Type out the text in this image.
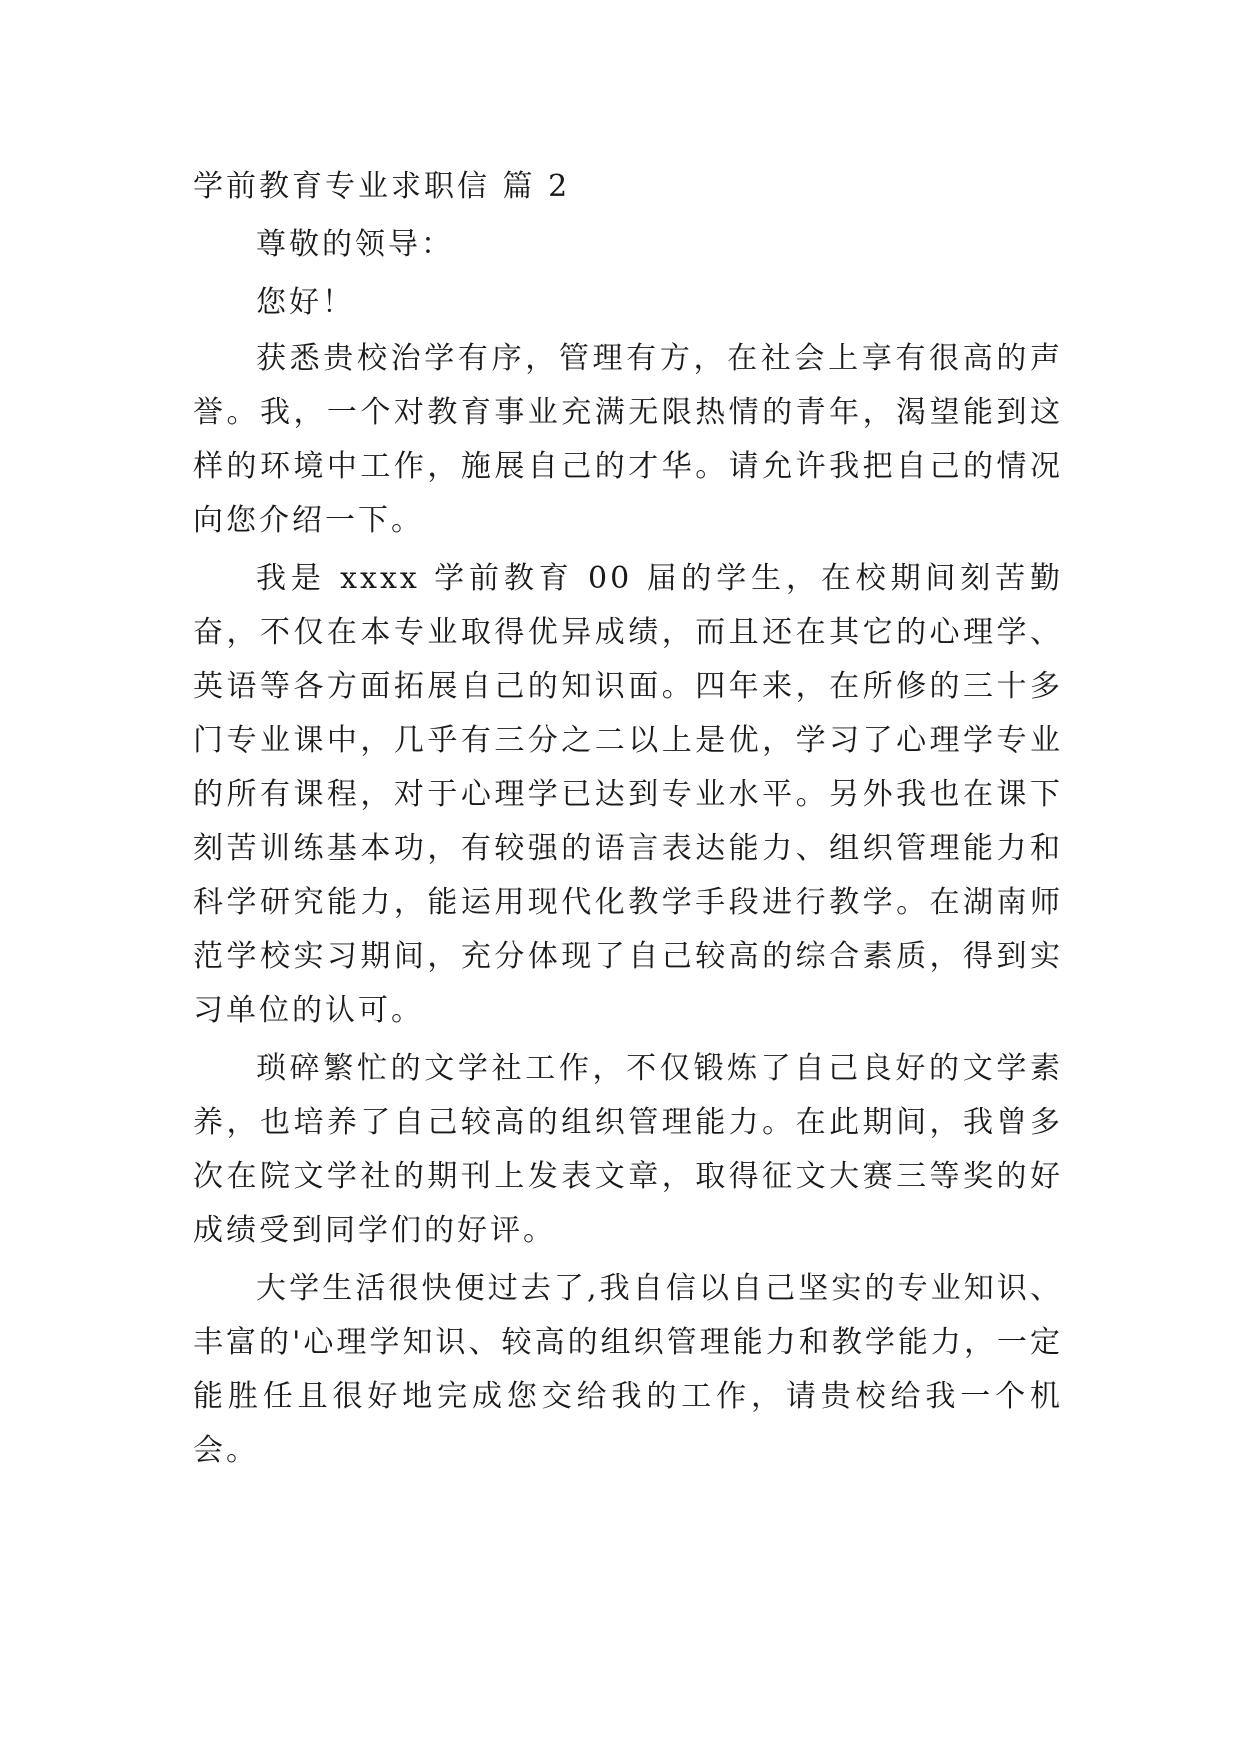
学前教育专业求职信 篇 2

尊敬的领导：

您好！

获悉贵校治学有序，管理有方，在社会上享有很高的声誉。我，一个对教育事业充满无限热情的青年，渴望能到这样的环境中工作，施展自己的才华。请允许我把自己的情况向您介绍一下。

我是 xxxx 学前教育 00 届的学生，在校期间刻苦勤奋，不仅在本专业取得优异成绩，而且还在其它的心理学、英语等各方面拓展自己的知识面。四年来，在所修的三十多门专业课中，几乎有三分之二以上是优，学习了心理学专业的所有课程，对于心理学已达到专业水平。另外我也在课下刻苦训练基本功，有较强的语言表达能力、组织管理能力和科学研究能力，能运用现代化教学手段进行教学。在湖南师范学校实习期间，充分体现了自己较高的综合素质，得到实习单位的认可。

琐碎繁忙的文学社工作，不仅锻炼了自己良好的文学素养，也培养了自己较高的组织管理能力。在此期间，我曾多次在院文学社的期刊上发表文章，取得征文大赛三等奖的好成绩受到同学们的好评。

大学生活很快便过去了,我自信以自己坚实的专业知识、丰富的'心理学知识、较高的组织管理能力和教学能力，一定能胜任且很好地完成您交给我的工作，请贵校给我一个机会。
